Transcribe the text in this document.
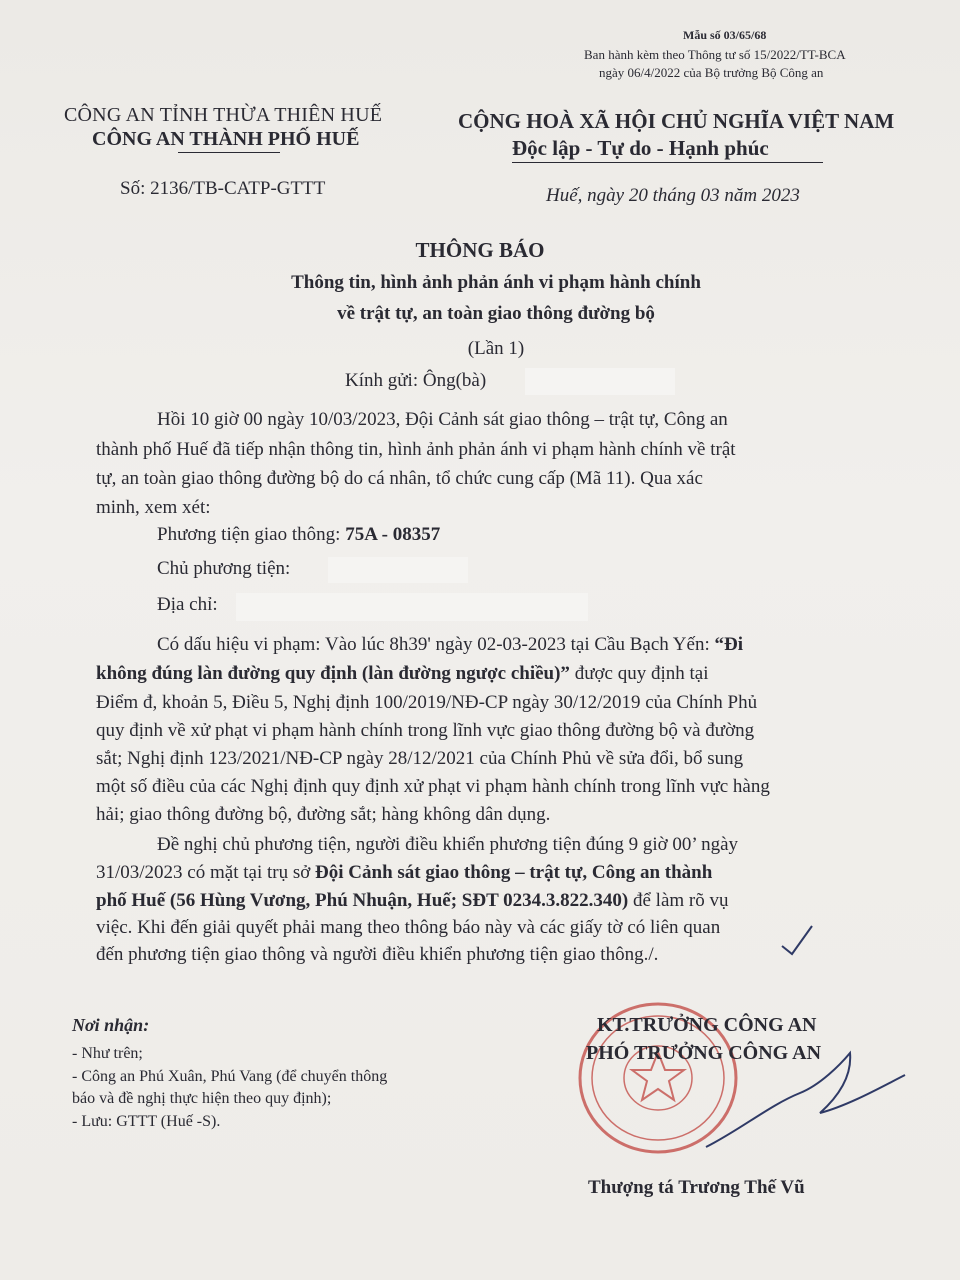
Mẫu số 03/65/68
Ban hành kèm theo Thông tư số 15/2022/TT-BCA
ngày 06/4/2022 của Bộ trưởng Bộ Công an
CÔNG AN TỈNH THỪA THIÊN HUẾ
CÔNG AN THÀNH PHỐ HUẾ
Số: 2136/TB-CATP-GTTT
CỘNG HOÀ XÃ HỘI CHỦ NGHĨA VIỆT NAM
Độc lập - Tự do - Hạnh phúc
Huế, ngày 20 tháng 03 năm 2023
THÔNG BÁO
Thông tin, hình ảnh phản ánh vi phạm hành chính
về trật tự, an toàn giao thông đường bộ
(Lần 1)
Kính gửi: Ông(bà)
Hồi 10 giờ 00 ngày 10/03/2023, Đội Cảnh sát giao thông – trật tự, Công an
thành phố Huế đã tiếp nhận thông tin, hình ảnh phản ánh vi phạm hành chính về trật
tự, an toàn giao thông đường bộ do cá nhân, tổ chức cung cấp (Mã 11). Qua xác
minh, xem xét:
Phương tiện giao thông: 75A - 08357
Chủ phương tiện:
Địa chỉ:
Có dấu hiệu vi phạm: Vào lúc 8h39' ngày 02-03-2023 tại Cầu Bạch Yến: “Đi
không đúng làn đường quy định (làn đường ngược chiều)” được quy định tại
Điểm đ, khoản 5, Điều 5, Nghị định 100/2019/NĐ-CP ngày 30/12/2019 của Chính Phủ
quy định về xử phạt vi phạm hành chính trong lĩnh vực giao thông đường bộ và đường
sắt; Nghị định 123/2021/NĐ-CP ngày 28/12/2021 của Chính Phủ về sửa đổi, bổ sung
một số điều của các Nghị định quy định xử phạt vi phạm hành chính trong lĩnh vực hàng
hải; giao thông đường bộ, đường sắt; hàng không dân dụng.
Đề nghị chủ phương tiện, người điều khiển phương tiện đúng 9 giờ 00’ ngày
31/03/2023 có mặt tại trụ sở Đội Cảnh sát giao thông – trật tự, Công an thành
phố Huế (56 Hùng Vương, Phú Nhuận, Huế; SĐT 0234.3.822.340) để làm rõ vụ
việc. Khi đến giải quyết phải mang theo thông báo này và các giấy tờ có liên quan
đến phương tiện giao thông và người điều khiển phương tiện giao thông./.
Nơi nhận:
- Như trên;
- Công an Phú Xuân, Phú Vang (để chuyển thông
báo và đề nghị thực hiện theo quy định);
- Lưu: GTTT (Huế -S).
KT.TRƯỞNG CÔNG AN
PHÓ TRƯỞNG CÔNG AN
Thượng tá Trương Thế Vũ
